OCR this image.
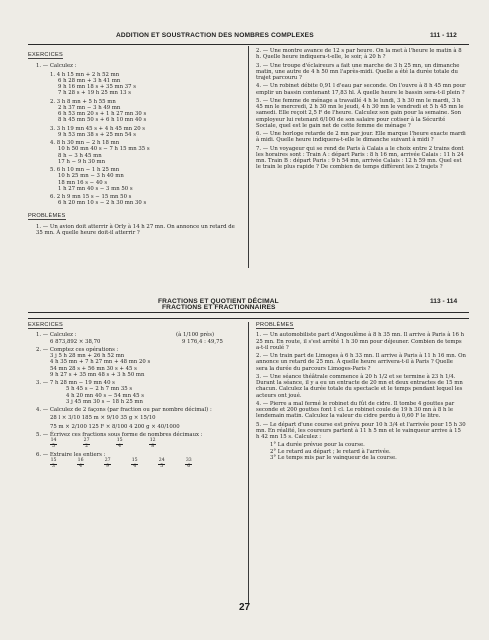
ADDITION ET SOUSTRACTION DES NOMBRES COMPLEXES	111 - 112
EXERCICES
1. — Calculez :
1. 4 h 15 mn + 2 h 52 mn
6 h 28 mn + 3 h 41 mn
9 h 16 mn 18 s + 35 mn 37 s
7 h 28 s + 19 h 25 mn 13 s
2. 3 h 8 mn + 5 h 55 mn
2 h 37 mn − 3 h 49 mn
6 h 53 mn 20 s + 1 h 27 mn 30 s
8 h 45 mn 50 s + 6 h 10 mn 40 s
3. 3 h 19 mn 45 s + 4 h 45 mn 20 s
9 h 53 mn 38 s + 25 mn 54 s
4. 8 h 30 mn − 2 h 18 mn
10 h 50 mn 40 s − 7 h 15 mn 35 s
8 h − 3 h 45 mn
17 h − 9 h 30 mn
5. 6 h 10 mn − 1 h 25 mn
10 h 25 mn − 3 h 40 mn
18 mn 16 s − 40 s
1 h 27 mn 40 s − 3 mn 50 s
6. 2 h 9 mn 15 s − 15 mn 50 s
6 h 20 mn 10 s − 2 h 30 mn 30 s
PROBLÈMES
1. — Un avion doit atterrir à Orly à 14 h 27 mn. On annonce un retard de 35 mn. À quelle heure doit-il atterrir ?
2. — Une montre avance de 12 s par heure. On la met à l'heure le matin à 8 h. Quelle heure indiquera-t-elle, le soir, à 20 h ?
3. — Une troupe d'éclaireurs a fait une marche de 3 h 25 mn, un dimanche matin, une autre de 4 h 50 mn l'après-midi. Quelle a été la durée totale du trajet parcouru ?
4. — Un robinet débite 0,91 l d'eau par seconde. On l'ouvre à 8 h 45 mn pour emplir un bassin contenant 17,83 hl. À quelle heure le bassin sera-t-il plein ?
5. — Une femme de ménage a travaillé 4 h le lundi, 3 h 30 mn le mardi, 3 h 45 mn le mercredi, 2 h 30 mn le jeudi, 4 h 30 mn le vendredi et 5 h 45 mn le samedi. Elle reçoit 2,5 F de l'heure. Calculez son gain pour la semaine. Son employeur lui retenant 6/100 de son salaire pour cotiser à la Sécurité Sociale, quel est le gain net de cette femme de ménage ?
6. — Une horloge retarde de 2 mn par jour. Elle marque l'heure exacte mardi à midi. Quelle heure indiquera-t-elle le dimanche suivant à midi ?
7. — Un voyageur qui se rend de Paris à Calais a le choix entre 2 trains dont les horaires sont : Train A : départ Paris : 8 h 16 mn, arrivée Calais : 11 h 24 mn. Train B : départ Paris : 9 h 54 mn, arrivée Calais : 12 h 59 mn. Quel est le train le plus rapide ? De combien de temps diffèrent les 2 trajets ?
FRACTIONS ET QUOTIENT DÉCIMAL
FRACTIONS ET FRACTIONNAIRES
113 - 114
EXERCICES
1. — Calculez :	(à 1/100 près)
6 873,892 × 38,70	9 176,4 : 49,75
2. — Comptez ces opérations :
3 j 5 h 28 mn + 26 h 52 mn
4 h 35 mn + 7 h 27 mn + 48 mn 20 s
54 mn 28 s + 56 mn 30 s + 45 s
9 h 27 s + 35 mn 48 s + 3 h 50 mn
3. — 7 h 28 mn − 19 mn 40 s
5 h 45 s − 2 h 7 mn 35 s
4 h 20 mn 40 s − 54 mn 45 s
3 j 45 mn 30 s − 18 h 25 mn
4. — Calculez de 2 façons (par fraction ou par nombre décimal) :
28 l × 3/10 185 m × 9/10 35 g × 15/10
75 m × 2/100 125 F × 8/100 4 200 g × 40/1000
5. — Écrivez ces fractions sous forme de nombres décimaux :
$\frac{14}{5}$	$\frac{27}{2}$	$\frac{15}{4}$	$\frac{12}{8}$
6. — Extraire les entiers :
$\frac{15}{3}$	$\frac{16}{4}$	$\frac{27}{9}$	$\frac{15}{4}$	$\frac{24}{5}$	$\frac{33}{6}$
PROBLÈMES
1. — Un automobiliste part d'Angoulême à 8 h 35 mn. Il arrive à Paris à 16 h 25 mn. En route, il s'est arrêté 1 h 30 mn pour déjeuner. Combien de temps a-t-il roulé ?
2. — Un train part de Limoges à 6 h 33 mn. Il arrive à Paris à 11 h 16 mn. On annonce un retard de 25 mn. À quelle heure arrivera-t-il à Paris ? Quelle sera la durée du parcours Limoges-Paris ?
3. — Une séance théâtrale commence à 20 h 1/2 et se termine à 23 h 1/4. Durant la séance, il y a eu un entracte de 20 mn et deux entractes de 15 mn chacun. Calculez la durée totale du spectacle et le temps pendant lequel les acteurs ont joué.
4. — Pierre a mal fermé le robinet du fût de cidre. Il tombe 4 gouttes par seconde et 200 gouttes font 1 cl. Le robinet coule de 19 h 30 mn à 8 h le lendemain matin. Calculez la valeur du cidre perdu à 0,60 F le litre.
5. — Le départ d'une course est prévu pour 10 h 3/4 et l'arrivée pour 15 h 30 mn. En réalité, les coureurs partent à 11 h 5 mn et le vainqueur arrive à 15 h 42 mn 15 s. Calculez :
1° La durée prévue pour la course.
2° Le retard au départ ; le retard à l'arrivée.
3° Le temps mis par le vainqueur de la course.
27
